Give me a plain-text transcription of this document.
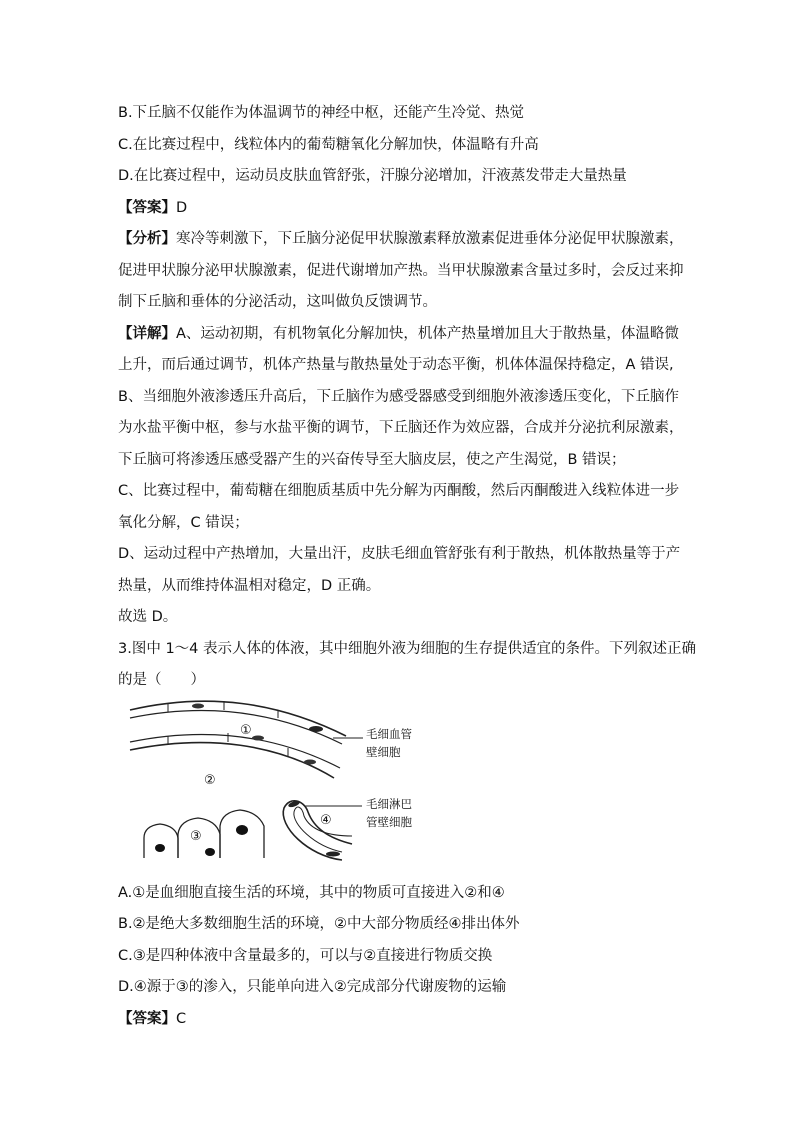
B.下丘脑不仅能作为体温调节的神经中枢，还能产生冷觉、热觉
C.在比赛过程中，线粒体内的葡萄糖氧化分解加快，体温略有升高
D.在比赛过程中，运动员皮肤血管舒张，汗腺分泌增加，汗液蒸发带走大量热量
【答案】D
【分析】寒冷等刺激下，下丘脑分泌促甲状腺激素释放激素促进垂体分泌促甲状腺激素，
促进甲状腺分泌甲状腺激素，促进代谢增加产热。当甲状腺激素含量过多时，会反过来抑
制下丘脑和垂体的分泌活动，这叫做负反馈调节。
【详解】A、运动初期，有机物氧化分解加快，机体产热量增加且大于散热量，体温略微
上升，而后通过调节，机体产热量与散热量处于动态平衡，机体体温保持稳定，A 错误,
B、当细胞外液渗透压升高后，下丘脑作为感受器感受到细胞外液渗透压变化，下丘脑作
为水盐平衡中枢，参与水盐平衡的调节，下丘脑还作为效应器，合成并分泌抗利尿激素，
下丘脑可将渗透压感受器产生的兴奋传导至大脑皮层，使之产生渴觉，B 错误；
C、比赛过程中，葡萄糖在细胞质基质中先分解为丙酮酸，然后丙酮酸进入线粒体进一步
氧化分解，C 错误；
D、运动过程中产热增加，大量出汗，皮肤毛细血管舒张有利于散热，机体散热量等于产
热量，从而维持体温相对稳定，D 正确。
故选 D。
3.图中 1～4 表示人体的体液，其中细胞外液为细胞的生存提供适宜的条件。下列叙述正确
的是（　　）
①	毛细血管
壁细胞
②
③
④
毛细淋巴
管壁细胞
A.①是血细胞直接生活的环境，其中的物质可直接进入②和④
B.②是绝大多数细胞生活的环境，②中大部分物质经④排出体外
C.③是四种体液中含量最多的，可以与②直接进行物质交换
D.④源于③的渗入，只能单向进入②完成部分代谢废物的运输
【答案】C
